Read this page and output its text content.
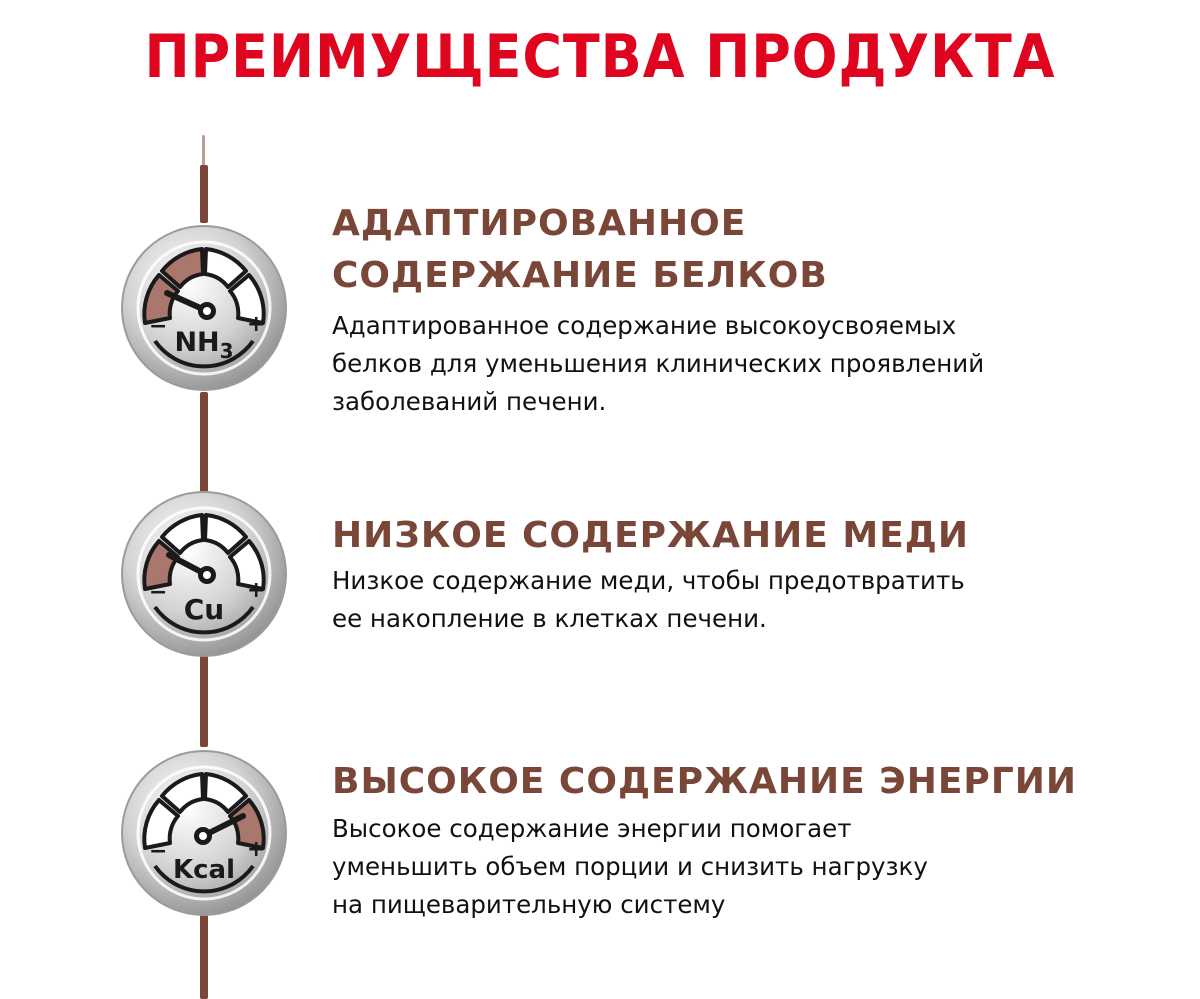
ПРЕИМУЩЕСТВА ПРОДУКТА
−	+
$NH_3$
АДАПТИРОВАННОЕ
СОДЕРЖАНИЕ БЕЛКОВ

Адаптированное содержание высокоусвояемых
белков для уменьшения клинических проявлений
заболеваний печени.

−	+
Cu
НИЗКОЕ СОДЕРЖАНИЕ МЕДИ

Низкое содержание меди, чтобы предотвратить
ее накопление в клетках печени.

−	+
Kcal
ВЫСОКОЕ СОДЕРЖАНИЕ ЭНЕРГИИ

Высокое содержание энергии помогает
уменьшить объем порции и снизить нагрузку
на пищеварительную систему
